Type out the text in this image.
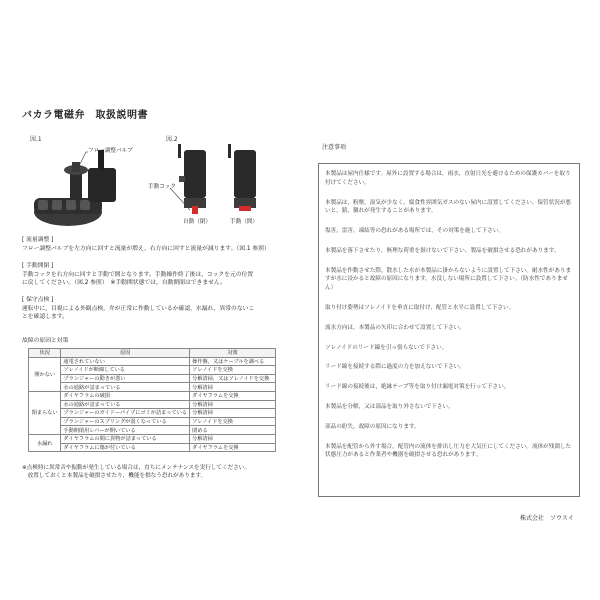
バカラ電磁弁　取扱説明書
図.1	図.2
フロー調整バルブ
手動コック
自動（閉）	手動（開）
[ 流量調整 ]
フロー調整バルブを左方向に回すと流量が増え，右方向に回すと流量が減ります。（図.1 参照）
[ 手動開閉 ]
手動コックを右方向に回すと手動で開となります。手動操作終了後は，コックを元の位置
に戻してください。（図.2 参照）　※手動開状態では，自動開閉はできません。
[ 保守点検 ]
運転中に，目視による外観点検，弁が正常に作動しているか確認，水漏れ，異常のないこ
とを確認します。
故障の原因と対策
状況	原因	対策
開かない	通電されていない	操作盤，又はケーブルを調べる
	ソレノイドが断線している	ソレノイドを交換
	プランジャーの動きが悪い	分解清掃，又はソレノイドを交換
	水の通路が詰まっている	分解清掃
閉まらない	ダイヤフラムの破損	ダイヤフラムを交換
	水の通路が詰まっている	分解清掃
	プランジャーのガイドーパイプにゴミが詰まっている	分解清掃
	プランジャーのスプリングが弱くなっている	ソレノイドを交換
	手動開閉用レバーが開いている	閉める
水漏れ	ダイヤフラムの間に異物が詰まっている	分解清掃
	ダイヤフラムに傷が付いている	ダイヤフラムを交換
※点検時に異常音や振動が発生している場合は，直ちにメンテナンスを実行してください。
　放置しておくと本製品を破損させたり，機能を損なう恐れがあります。
注意事項

本製品は屋内仕様です。屋外に設置する場合は，雨水，直射日光を避けるための保護カバーを取り付けてください。

本製品は，粉塵，湿気が少なく，腐食性雰囲気ガスのない屋内に設置してください。保管状況が悪いと，錆，黴れが発生することがあります。

塩害，雷害，凍結等の恐れがある場所では，その対策を施して下さい。

本製品を落下させたり，無理な荷重を掛けないで下さい。製品を破損させる恐れがあります。

本製品を作動させた際，散水した水が本製品に掛からないように設置して下さい。耐水性がありますが水に浸かると故障の原因になります。水没しない場所に設置して下さい。（防水性でありません）

取り付け姿勢はソレノイドを垂直に取付け，配管と水平に設置して下さい。

流水方向は，本製品の矢印に合わせて設置して下さい。

ソレノイドのリード線を引っ張らないで下さい。

リード線を接続する際に過度の力を加えないで下さい。

リード線の接続後は，絶縁テープ等を取り付け漏電対策を行って下さい。

本製品を分解，又は部品を取り外さないで下さい。

部品の紛失，故障の原因になります。

本製品を配管から外す場合，配管内の流体を排出し圧力を大気圧にしてください。流体が残溜した状態圧力があると作業者や機器を破損させる恐れがあります。

株式会社　ソウスイ
